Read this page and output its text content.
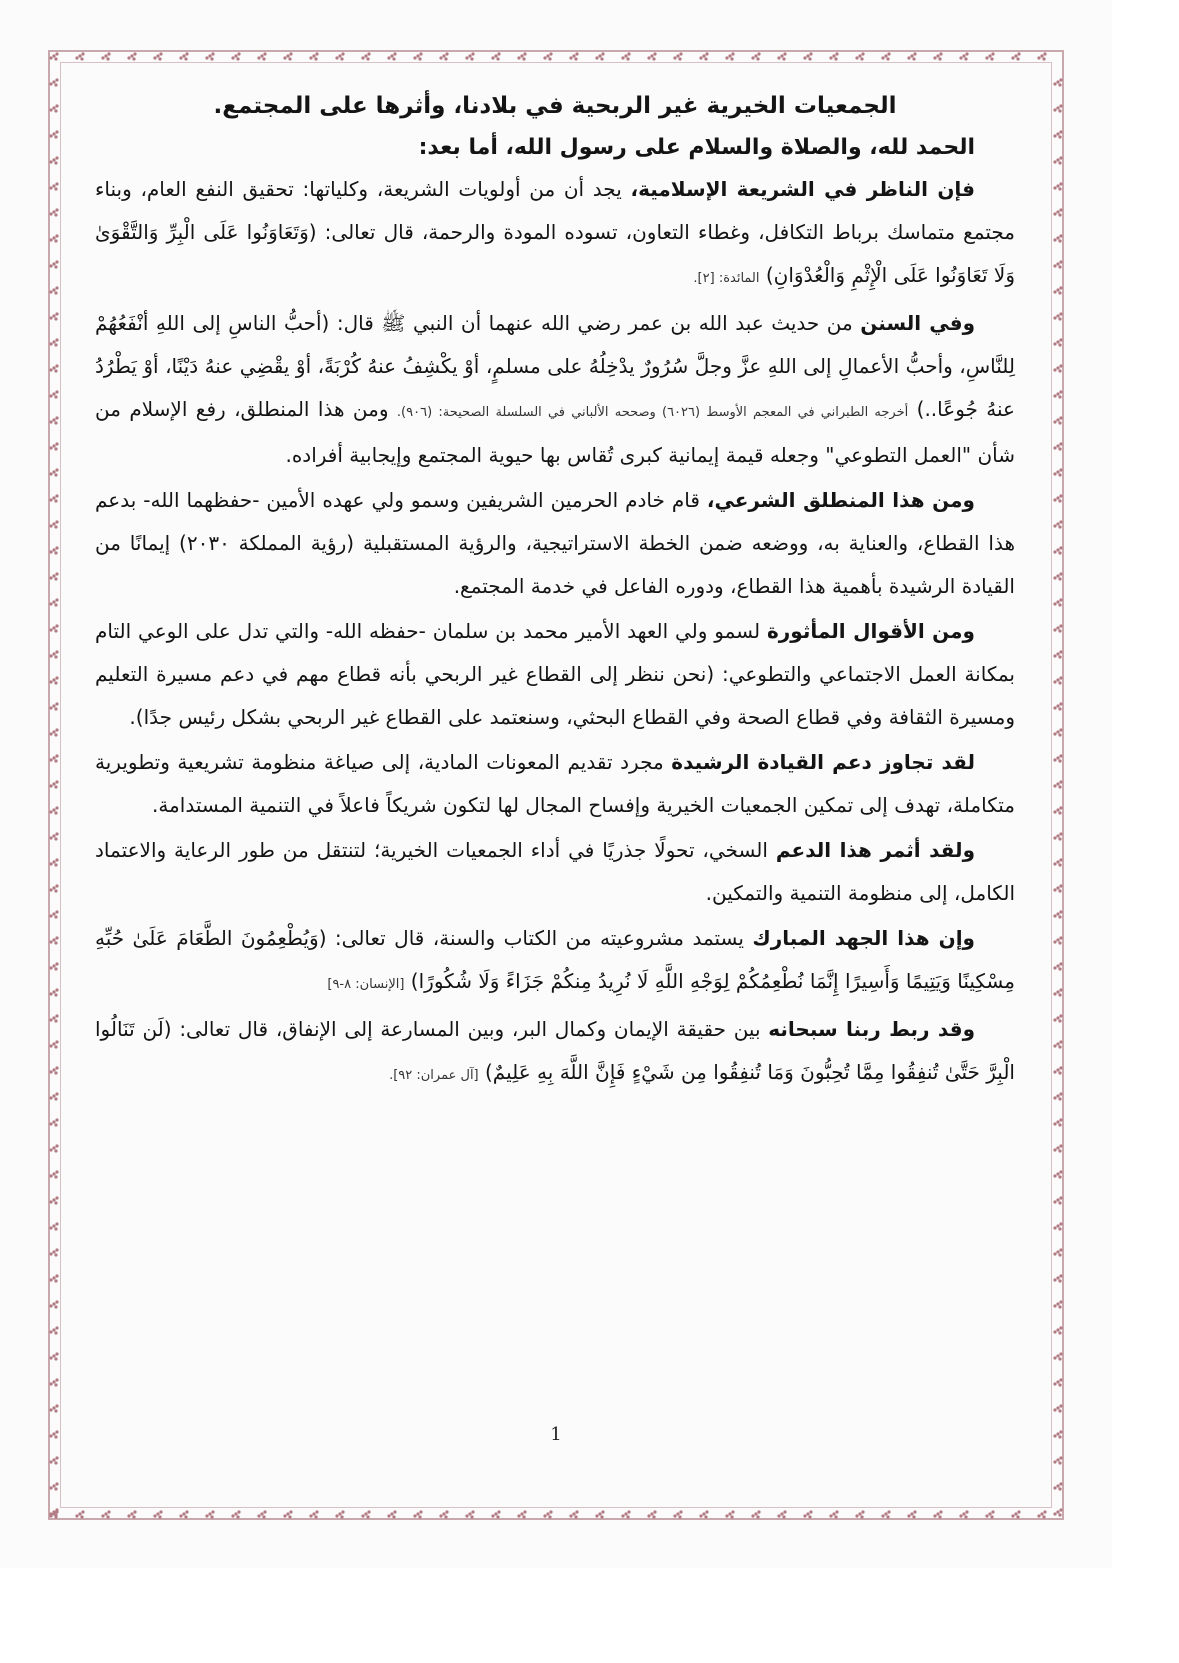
الجمعيات الخيرية غير الربحية في بلادنا، وأثرها على المجتمع.
الحمد لله، والصلاة والسلام على رسول الله، أما بعد:

فإن الناظر في الشريعة الإسلامية، يجد أن من أولويات الشريعة، وكلياتها: تحقيق النفع العام، وبناء مجتمع متماسك برباط التكافل، وغطاء التعاون، تسوده المودة والرحمة، قال تعالى: (وَتَعَاوَنُوا عَلَى الْبِرِّ وَالتَّقْوَىٰ وَلَا تَعَاوَنُوا عَلَى الْإِثْمِ وَالْعُدْوَانِ) المائدة: [٢].

وفي السنن من حديث عبد الله بن عمر رضي الله عنهما أن النبي ﷺ قال: (أحبُّ الناسِ إلى اللهِ أنْفَعُهُمْ لِلنَّاسِ، وأحبُّ الأعمالِ إلى اللهِ عزَّ وجلَّ سُرُورٌ يدْخِلُهُ على مسلمٍ، أوْ يكْشِفُ عنهُ كُرْبَةً، أوْ يقْضِي عنهُ دَيْنًا، أوْ يَطْرُدُ عنهُ جُوعًا..) أخرجه الطبراني في المعجم الأوسط (٦٠٢٦) وصححه الألباني في السلسلة الصحيحة: (٩٠٦). ومن هذا المنطلق، رفع الإسلام من شأن "العمل التطوعي" وجعله قيمة إيمانية كبرى تُقاس بها حيوية المجتمع وإيجابية أفراده.

ومن هذا المنطلق الشرعي، قام خادم الحرمين الشريفين وسمو ولي عهده الأمين -حفظهما الله- بدعم هذا القطاع، والعناية به، ووضعه ضمن الخطة الاستراتيجية، والرؤية المستقبلية (رؤية المملكة ٢٠٣٠) إيمانًا من القيادة الرشيدة بأهمية هذا القطاع، ودوره الفاعل في خدمة المجتمع.

ومن الأقوال المأثورة لسمو ولي العهد الأمير محمد بن سلمان -حفظه الله- والتي تدل على الوعي التام بمكانة العمل الاجتماعي والتطوعي: (نحن ننظر إلى القطاع غير الربحي بأنه قطاع مهم في دعم مسيرة التعليم ومسيرة الثقافة وفي قطاع الصحة وفي القطاع البحثي، وسنعتمد على القطاع غير الربحي بشكل رئيس جدًا).

لقد تجاوز دعم القيادة الرشيدة مجرد تقديم المعونات المادية، إلى صياغة منظومة تشريعية وتطويرية متكاملة، تهدف إلى تمكين الجمعيات الخيرية وإفساح المجال لها لتكون شريكاً فاعلاً في التنمية المستدامة.

ولقد أثمر هذا الدعم السخي، تحولًا جذريًا في أداء الجمعيات الخيرية؛ لتنتقل من طور الرعاية والاعتماد الكامل، إلى منظومة التنمية والتمكين.

وإن هذا الجهد المبارك يستمد مشروعيته من الكتاب والسنة، قال تعالى: (وَيُطْعِمُونَ الطَّعَامَ عَلَىٰ حُبِّهِ مِسْكِينًا وَيَتِيمًا وَأَسِيرًا إِنَّمَا نُطْعِمُكُمْ لِوَجْهِ اللَّهِ لَا نُرِيدُ مِنكُمْ جَزَاءً وَلَا شُكُورًا) [الإنسان: ٨-٩]

وقد ربط ربنا سبحانه بين حقيقة الإيمان وكمال البر، وبين المسارعة إلى الإنفاق، قال تعالى: (لَن تَنَالُوا الْبِرَّ حَتَّىٰ تُنفِقُوا مِمَّا تُحِبُّونَ وَمَا تُنفِقُوا مِن شَيْءٍ فَإِنَّ اللَّهَ بِهِ عَلِيمٌ) [آل عمران: ٩٢].

1
